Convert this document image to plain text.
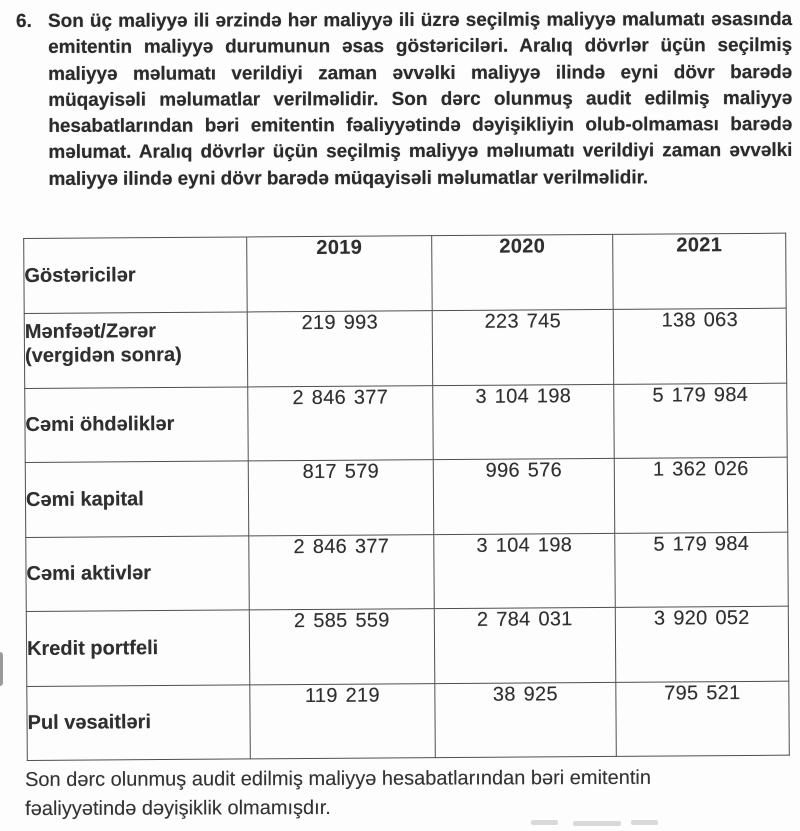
6. Son üç maliyyə ili ərzində hər maliyyə ili üzrə seçilmiş maliyyə malumatı əsasında emitentin maliyyə durumunun əsas göstəriciləri. Aralıq dövrlər üçün seçilmiş maliyyə məlumatı verildiyi zaman əvvəlki maliyyə ilində eyni dövr barədə müqayisəli məlumatlar verilməlidir. Son dərc olunmuş audit edilmiş maliyyə hesabatlarından bəri emitentin fəaliyyətində dəyişikliyin olub-olmaması barədə məlumat. Aralıq dövrlər üçün seçilmiş maliyyə məlıumatı verildiyi zaman əvvəlki maliyyə ilində eyni dövr barədə müqayisəli məlumatlar verilməlidir.
Göstəricilər	2019	2020	2021
Mənfəət/Zərər (vergidən sonra)	219 993	223 745	138 063
Cəmi öhdəliklər	2 846 377	3 104 198	5 179 984
Cəmi kapital	817 579	996 576	1 362 026
Cəmi aktivlər	2 846 377	3 104 198	5 179 984
Kredit portfeli	2 585 559	2 784 031	3 920 052
Pul vəsaitləri	119 219	38 925	795 521
Son dərc olunmuş audit edilmiş maliyyə hesabatlarından bəri emitentin fəaliyyətində dəyişiklik olmamışdır.
